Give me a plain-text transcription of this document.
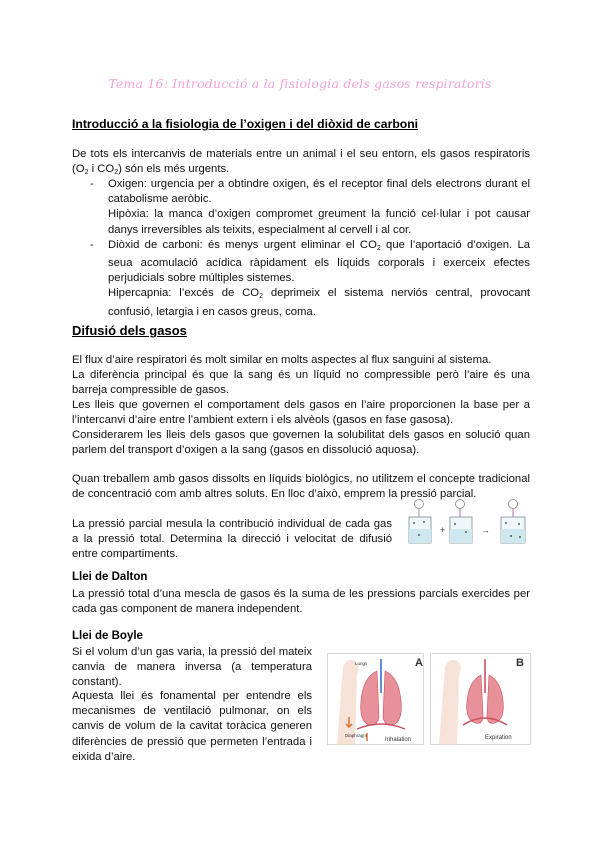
Tema 16: Introducció a la fisiologia dels gasos respiratoris
Introducció a la fisiologia de l’oxigen i del diòxid de carboni

De tots els intercanvis de materials entre un animal i el seu entorn, els gasos respiratoris ($O_2$ i $CO_2$) són els més urgents.

- Oxigen: urgencia per a obtindre oxigen, és el receptor final dels electrons durant el catabolisme aeròbic.
Hipòxia: la manca d’oxigen compromet greument la funció cel·lular i pot causar danys irreversibles als teixits, especialment al cervell i al cor.
- Diòxid de carboni: és menys urgent eliminar el $CO_2$ que l’aportació d’oxigen. La seua acomulació acídica ràpidament els líquids corporals i exerceix efectes perjudicials sobre múltiples sistemes.
Hipercapnia: l’excés de $CO_2$ deprimeix el sistema nerviós central, provocant confusió, letargia i en casos greus, coma.
Difusió dels gasos

El flux d’aire respiratori és molt similar en molts aspectes al flux sanguini al sistema.

La diferència principal és que la sang és un líquid no compressible però l’aire és una barreja compressible de gasos.

Les lleis que governen el comportament dels gasos en l’aire proporcionen la base per a l’intercanvi d’aire entre l’ambient extern i els alvèols (gasos en fase gasosa).

Considerarem les lleis dels gasos que governen la solubilitat dels gasos en solució quan parlem del transport d’oxigen a la sang (gasos en dissolució aquosa).

Quan treballem amb gasos dissolts en líquids biològics, no utilitzem el concepte tradicional de concentració com amb altres soluts. En lloc d’això, emprem la pressió parcial.

La pressió parcial mesula la contribució individual de cada gas a la pressió total. Determina la direcció i velocitat de difusió entre compartiments.

+	→
Llei de Dalton

La pressió total d’una mescla de gasos és la suma de les pressions parcials exercides per cada gas component de manera independent.

Llei de Boyle

Si el volum d’un gas varia, la pressió del mateix canvia de manera inversa (a temperatura constant).

Aquesta llei és fonamental per entendre els mecanismes de ventilació pulmonar, on els canvis de volum de la cavitat toràcica generen diferències de pressió que permeten l’entrada i eixida d’aire.

A
Lungs
Diaphragm
Inhalation
B
Expiration
